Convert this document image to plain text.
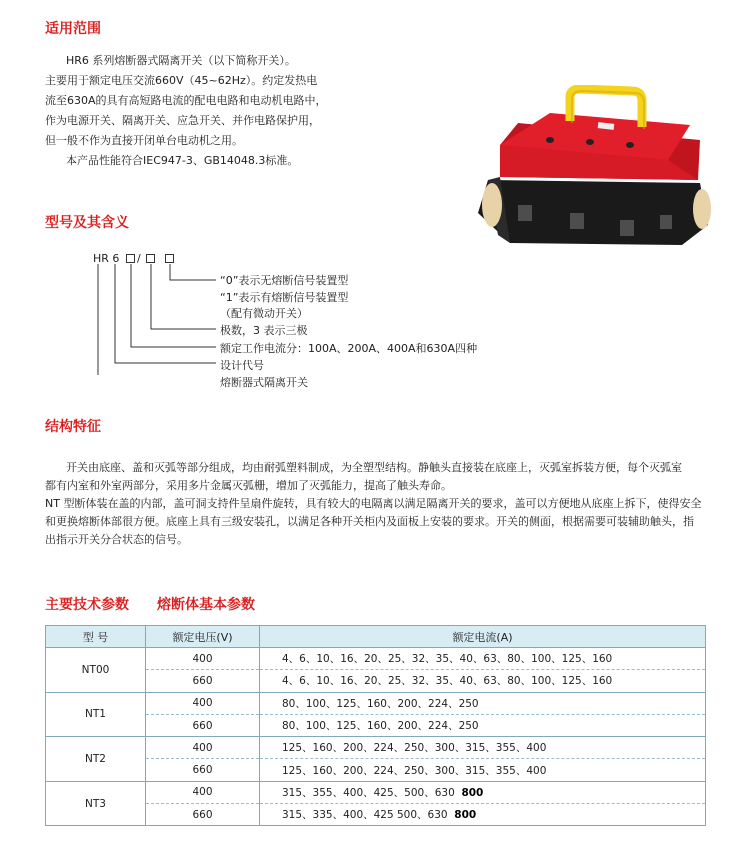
适用范围
HR6 系列熔断器式隔离开关（以下简称开关）。
主要用于额定电压交流660V（45~62Hz）。约定发热电
流至630A的具有高短路电流的配电电路和电动机电路中，
作为电源开关、隔离开关、应急开关、并作电路保护用，
但一般不作为直接开闭单台电动机之用。
本产品性能符合IEC947-3、GB14048.3标准。
型号及其含义
HR 6 /
“0”表示无熔断信号装置型
“1”表示有熔断信号装置型
（配有微动开关）
极数，3 表示三极
额定工作电流分：100A、200A、400A和630A四种
设计代号
熔断器式隔离开关
结构特征
开关由底座、盖和灭弧等部分组成，均由耐弧塑料制成，为全塑型结构。静触头直接装在底座上，灭弧室拆装方便，每个灭弧室
都有内室和外室两部分，采用多片金属灭弧栅，增加了灭弧能力，提高了触头寿命。
NT 型断体装在盖的内部，盖可洞支持件呈扇件旋转，具有较大的电隔离以满足隔离开关的要求，盖可以方便地从底座上拆下，使得安全
和更换熔断体部很方便。底座上具有三级安装孔，以满足各种开关柜内及面板上安装的要求。开关的侧面，根据需要可装辅助触头，指
出指示开关分合状态的信号。
主要技术参数 熔断体基本参数
型 号	额定电压(V)	额定电流(A)
NT00	400	4、6、10、16、20、25、32、35、40、63、80、100、125、160
	660	4、6、10、16、20、25、32、35、40、63、80、100、125、160
NT1	400	80、100、125、160、200、224、250
	660	80、100、125、160、200、224、250
NT2	400	125、160、200、224、250、300、315、355、400
	660	125、160、200、224、250、300、315、355、400
NT3	400	315、355、400、425、500、630 800
	660	315、335、400、425 500、630 800
